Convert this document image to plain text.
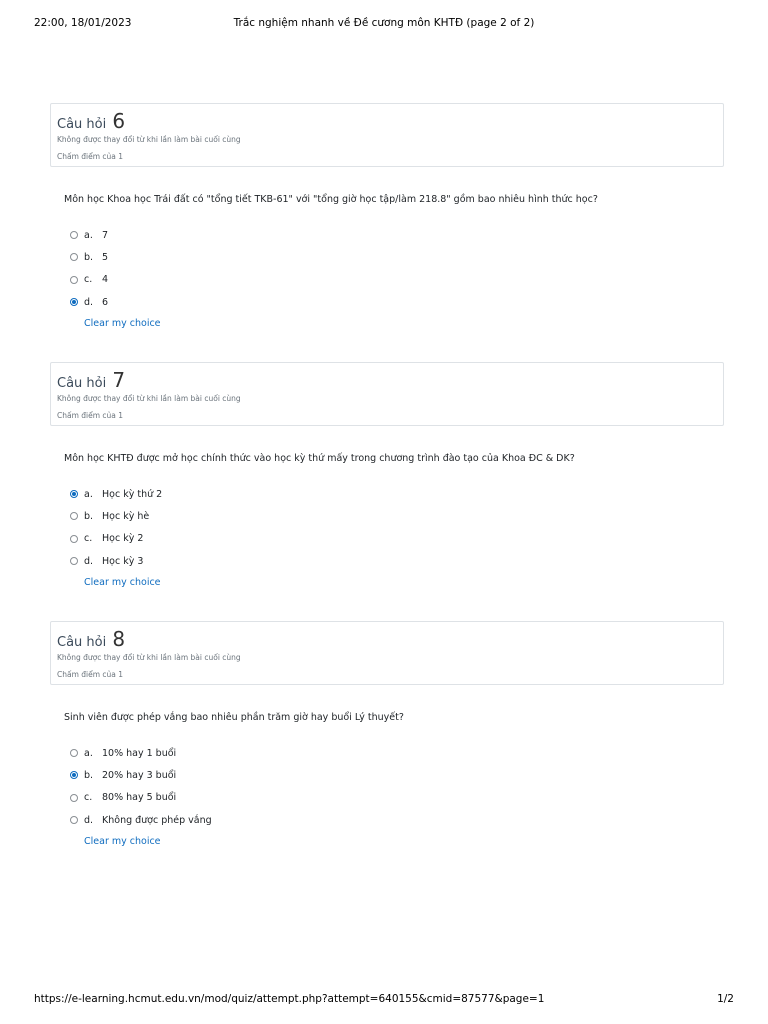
22:00, 18/01/2023	Trắc nghiệm nhanh về Đề cương môn KHTĐ (page 2 of 2)
Câu hỏi 6
Không được thay đổi từ khi lần làm bài cuối cùng
Chấm điểm của 1
Môn học Khoa học Trái đất có "tổng tiết TKB-61" với "tổng giờ học tập/làm 218.8" gồm bao nhiêu hình thức học?
a. 7
b. 5
c.	4
d. 6
Clear my choice
Câu hỏi 7
Không được thay đổi từ khi lần làm bài cuối cùng
Chấm điểm của 1
Môn học KHTĐ được mở học chính thức vào học kỳ thứ mấy trong chương trình đào tạo của Khoa ĐC & DK?
a. Học kỳ thứ 2
b. Học kỳ hè
c.	Học kỳ 2
d. Học kỳ 3
Clear my choice
Câu hỏi 8
Không được thay đổi từ khi lần làm bài cuối cùng
Chấm điểm của 1
Sinh viên được phép vắng bao nhiêu phần trăm giờ hay buổi Lý thuyết?
a. 10% hay 1 buổi
b. 20% hay 3 buổi
c.	80% hay 5 buổi
d. Không được phép vắng
Clear my choice
https://e-learning.hcmut.edu.vn/mod/quiz/attempt.php?attempt=640155&cmid=87577&page=1	1/2
